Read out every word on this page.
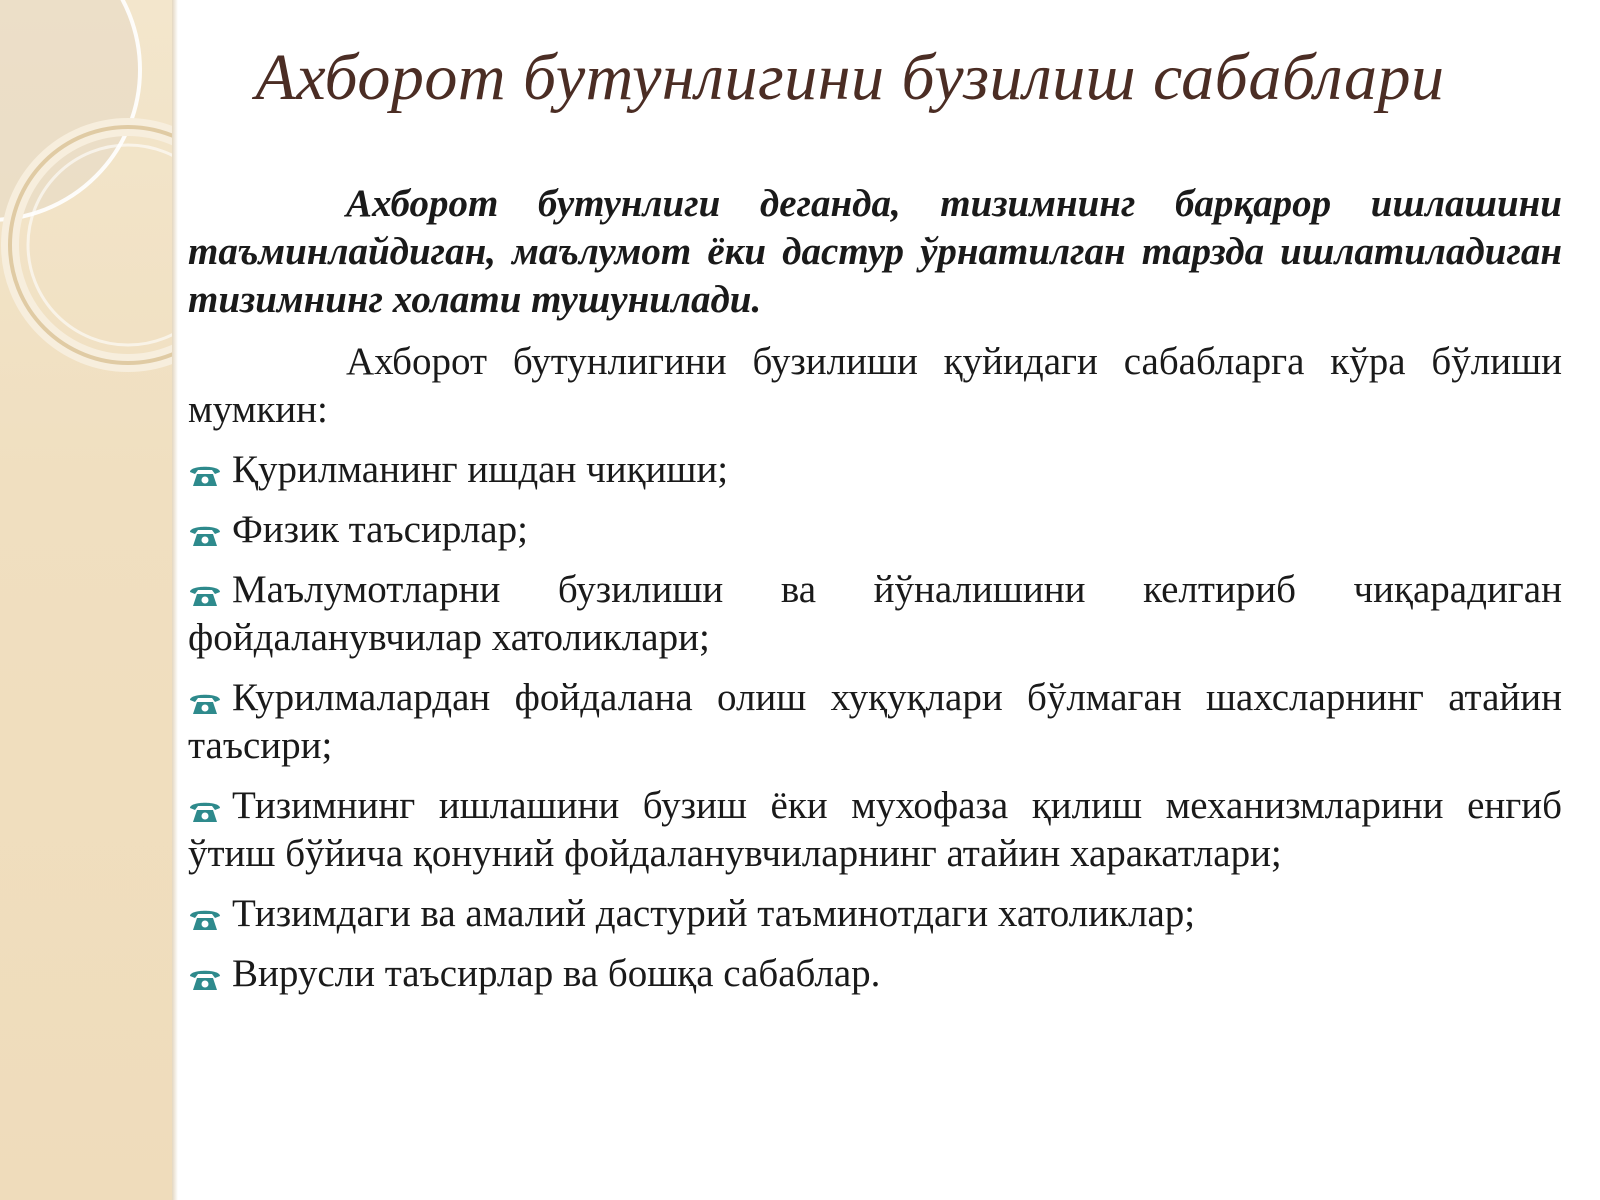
Ахборот бутунлигини бузилиш сабаблари

Ахборот бутунлиги деганда, тизимнинг барқарор ишлашини таъминлайдиган, маълумот ёки дастур ўрнатилган тарзда ишлатиладиган тизимнинг холати тушунилади.

Ахборот бутунлигини бузилиши қуйидаги сабабларга кўра бўлиши мумкин:

Қурилманинг ишдан чиқиши;
Физик таъсирлар;
Маълумотларни бузилиши ва йўналишини келтириб чиқарадиган фойдаланувчилар хатоликлари;
Курилмалардан фойдалана олиш хуқуқлари бўлмаган шахсларнинг атайин таъсири;
Тизимнинг ишлашини бузиш ёки мухофаза қилиш механизмларини енгиб ўтиш бўйича қонуний фойдаланувчиларнинг атайин харакатлари;
Тизимдаги ва амалий дастурий таъминотдаги хатоликлар;
Вирусли таъсирлар ва бошқа сабаблар.
